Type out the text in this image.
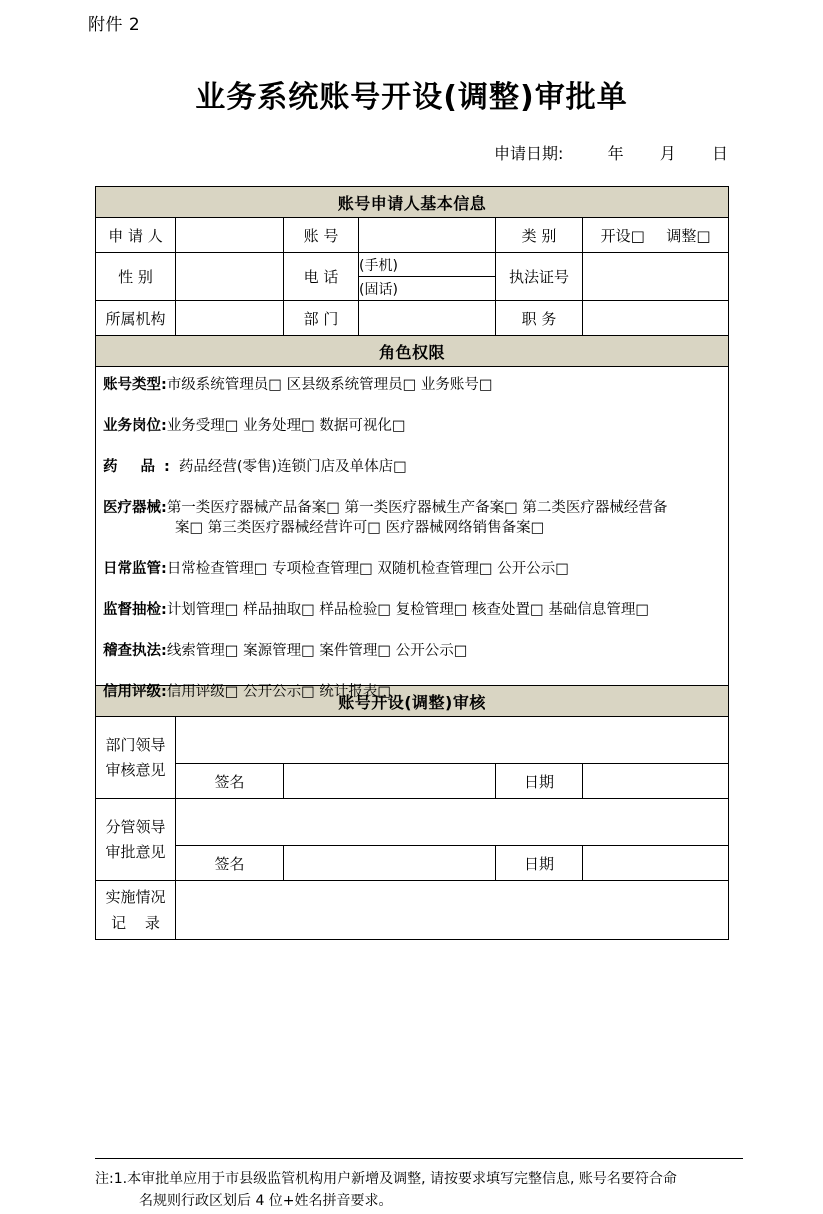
附件 2
业务系统账号开设(调整)审批单
申请日期:	年 月 日
账号申请人基本信息					
申 请 人		账 号		类 别	开设□ 调整□
性 别		电 话	(手机)	执法证号	
			(固话)		
所属机构		部 门		职 务	
角色权限					

账号类型:市级系统管理员□ 区县级系统管理员□ 业务账号□
业务岗位:业务受理□ 业务处理□ 数据可视化□
药 品:药品经营(零售)连锁门店及单体店□
医疗器械:第一类医疗器械产品备案□ 第一类医疗器械生产备案□ 第二类医疗器械经营备
案□ 第三类医疗器械经营许可□ 医疗器械网络销售备案□
日常监管:日常检查管理□ 专项检查管理□ 双随机检查管理□ 公开公示□
监督抽检:计划管理□ 样品抽取□ 样品检验□ 复检管理□ 核查处置□ 基础信息管理□
稽查执法:线索管理□ 案源管理□ 案件管理□ 公开公示□
信用评级:信用评级□ 公开公示□ 统计报表□

账号开设(调整)审核					

部门领导
审核意见					

	签名			日期	

分管领导
审批意见					

	签名			日期	

实施情况
记 录					
注:1.本审批单应用于市县级监管机构用户新增及调整, 请按要求填写完整信息, 账号名要符合命
名规则行政区划后 4 位+姓名拼音要求。
